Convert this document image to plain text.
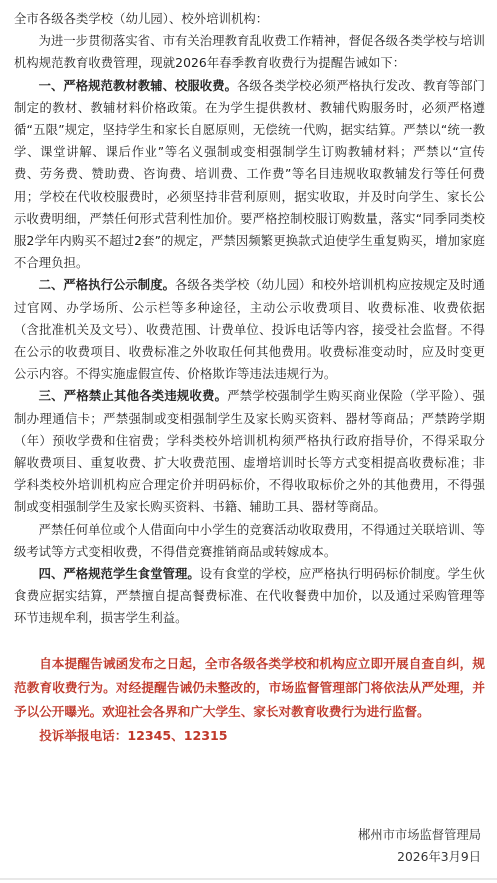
全市各级各类学校（幼儿园）、校外培训机构：

为进一步贯彻落实省、市有关治理教育乱收费工作精神，督促各级各类学校与培训机构规范教育收费管理，现就2026年春季教育收费行为提醒告诫如下：

一、严格规范教材教辅、校服收费。各级各类学校必须严格执行发改、教育等部门制定的教材、教辅材料价格政策。在为学生提供教材、教辅代购服务时，必须严格遵循“五限”规定，坚持学生和家长自愿原则，无偿统一代购，据实结算。严禁以“统一教学、课堂讲解、课后作业”等名义强制或变相强制学生订购教辅材料；严禁以“宣传费、劳务费、赞助费、咨询费、培训费、工作费”等名目违规收取教辅发行等任何费用；学校在代收校服费时，必须坚持非营利原则，据实收取，并及时向学生、家长公示收费明细，严禁任何形式营利性加价。要严格控制校服订购数量，落实“同季同类校服2学年内购买不超过2套”的规定，严禁因频繁更换款式迫使学生重复购买，增加家庭不合理负担。

二、严格执行公示制度。各级各类学校（幼儿园）和校外培训机构应按规定及时通过官网、办学场所、公示栏等多种途径，主动公示收费项目、收费标准、收费依据（含批准机关及文号）、收费范围、计费单位、投诉电话等内容，接受社会监督。不得在公示的收费项目、收费标准之外收取任何其他费用。收费标准变动时，应及时变更公示内容。不得实施虚假宣传、价格欺诈等违法违规行为。

三、严格禁止其他各类违规收费。严禁学校强制学生购买商业保险（学平险）、强制办理通信卡；严禁强制或变相强制学生及家长购买资料、器材等商品；严禁跨学期（年）预收学费和住宿费；学科类校外培训机构须严格执行政府指导价，不得采取分解收费项目、重复收费、扩大收费范围、虚增培训时长等方式变相提高收费标准；非学科类校外培训机构应合理定价并明码标价，不得收取标价之外的其他费用，不得强制或变相强制学生及家长购买资料、书籍、辅助工具、器材等商品。

严禁任何单位或个人借面向中小学生的竞赛活动收取费用，不得通过关联培训、等级考试等方式变相收费，不得借竞赛推销商品或转嫁成本。

四、严格规范学生食堂管理。设有食堂的学校，应严格执行明码标价制度。学生伙食费应据实结算，严禁擅自提高餐费标准、在代收餐费中加价，以及通过采购管理等环节违规牟利，损害学生利益。

自本提醒告诫函发布之日起，全市各级各类学校和机构应立即开展自查自纠，规范教育收费行为。对经提醒告诫仍未整改的，市场监督管理部门将依法从严处理，并予以公开曝光。欢迎社会各界和广大学生、家长对教育收费行为进行监督。

投诉举报电话：12345、12315

郴州市市场监督管理局
2026年3月9日
